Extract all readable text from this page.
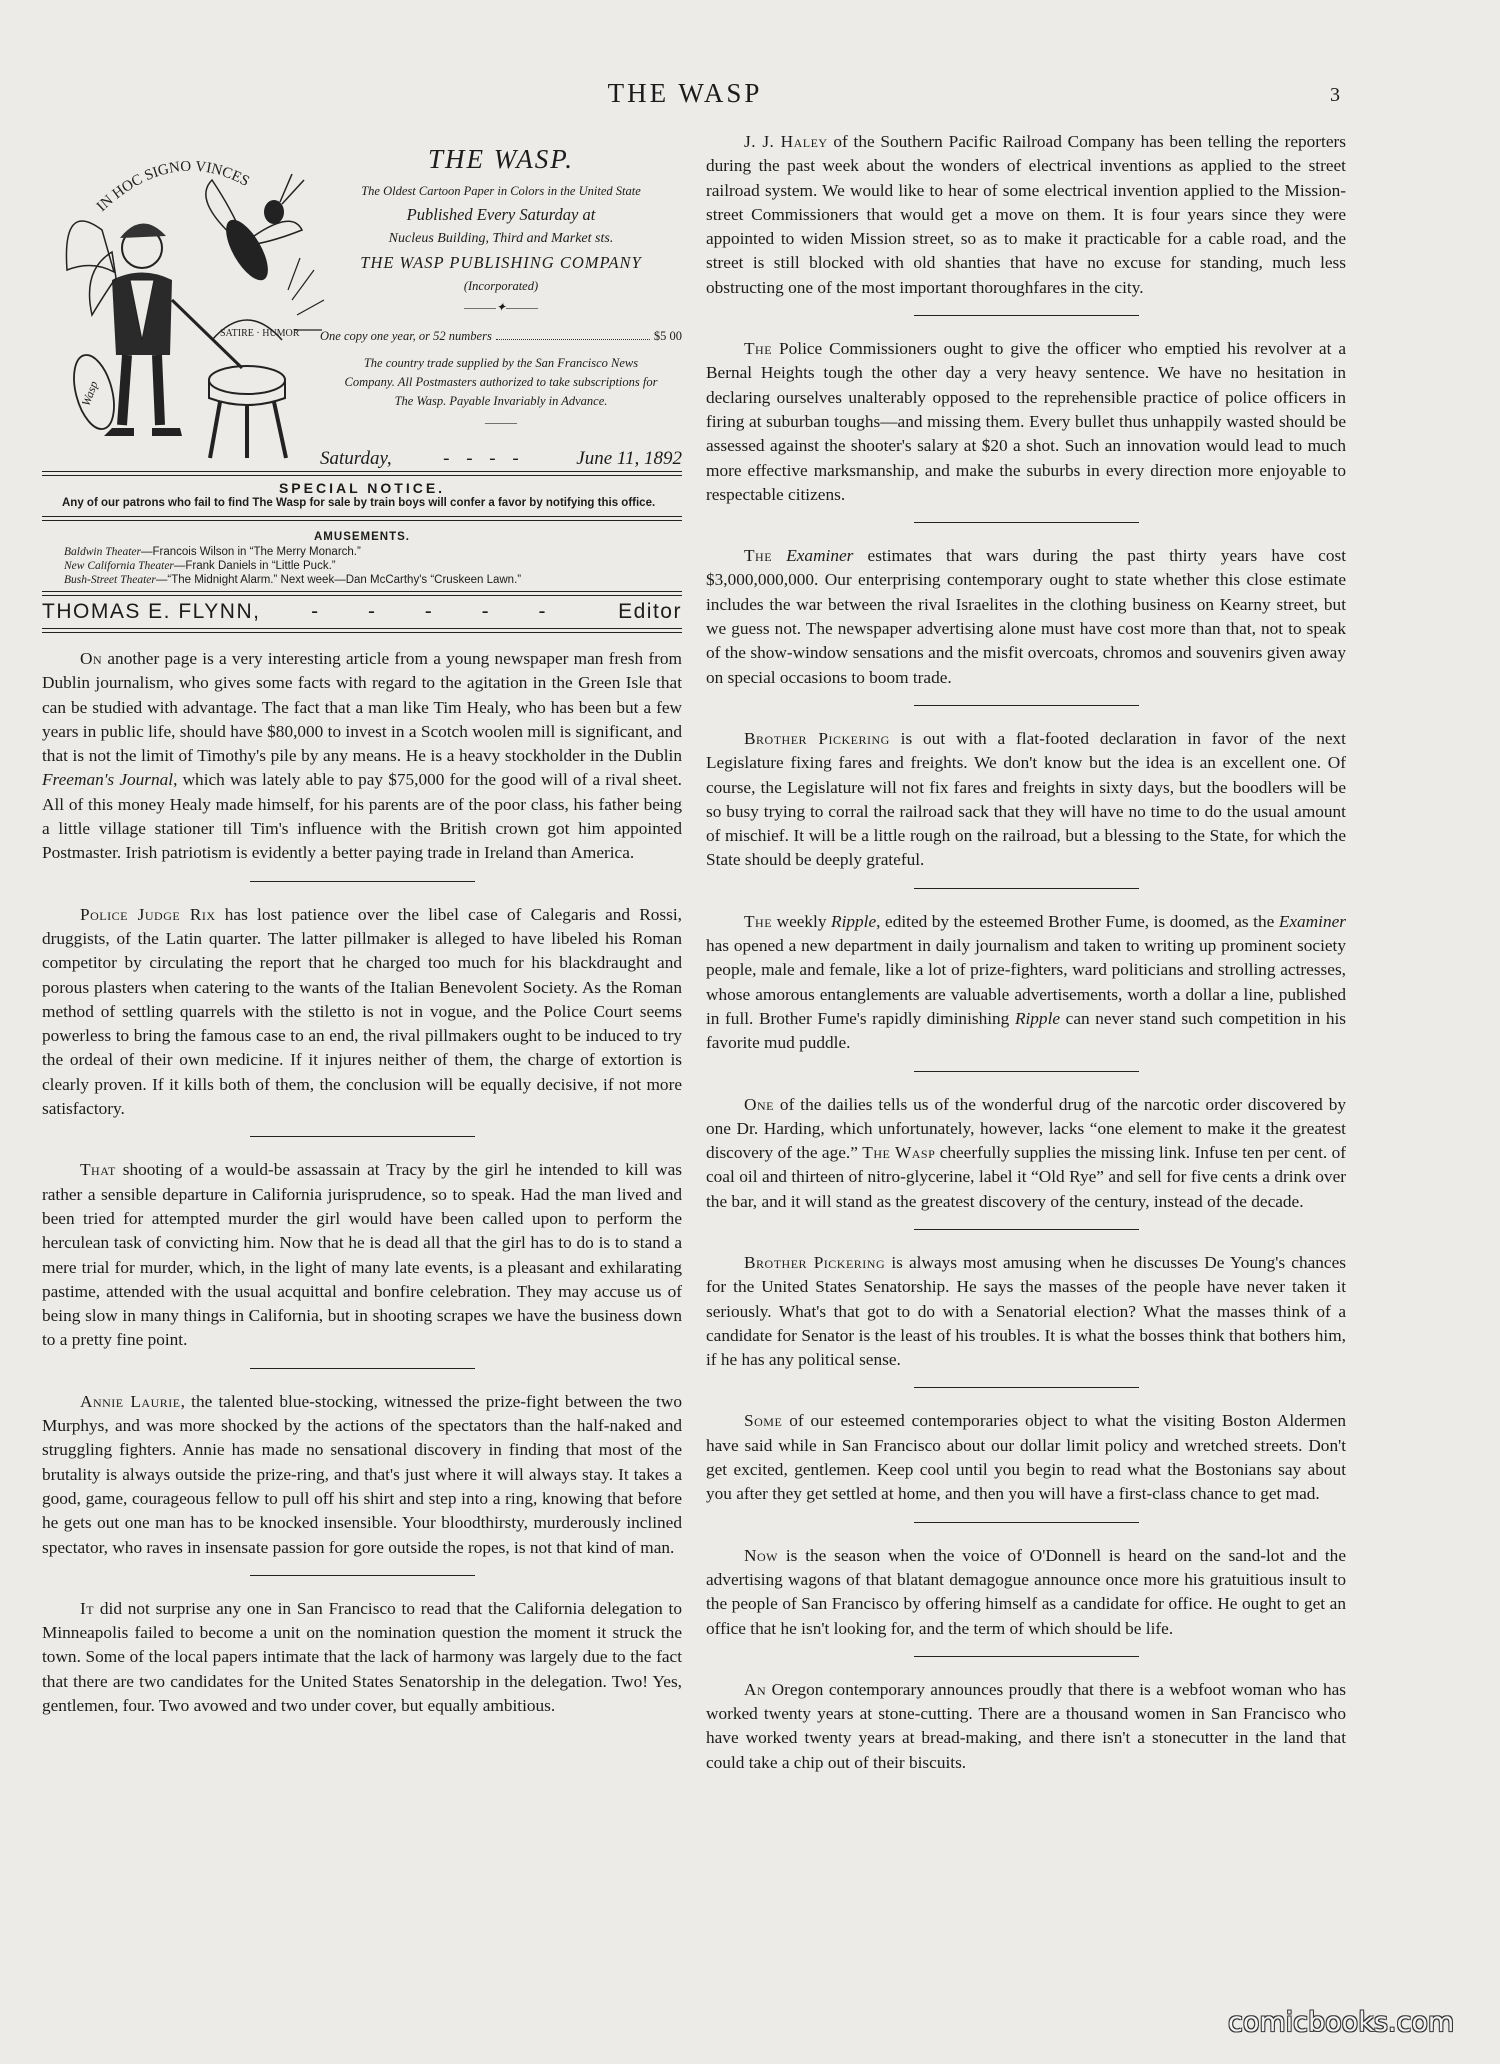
THE WASP	3
IN HOC SIGNO VINCES
Wasp
SATIRE · HUMOR

THE WASP.

The Oldest Cartoon Paper in Colors in the United State

Published Every Saturday at

Nucleus Building, Third and Market sts.

THE WASP PUBLISHING COMPANY

(Incorporated)

———✦———
One copy one year, or 52 numbers	$5 00

The country trade supplied by the San Francisco News Company. All Postmasters authorized to take subscriptions for The Wasp. Payable Invariably in Advance.

———
Saturday,	- - - -	June 11, 1892

SPECIAL NOTICE.

Any of our patrons who fail to find The Wasp for sale by train boys will confer a favor by notifying this office.

AMUSEMENTS.

Baldwin Theater—Francois Wilson in “The Merry Monarch.”

New California Theater—Frank Daniels in “Little Puck.”

Bush-Street Theater—“The Midnight Alarm.” Next week—Dan McCarthy's “Cruskeen Lawn.”

THOMAS E. FLYNN, - - - - - Editor

On another page is a very interesting article from a young newspaper man fresh from Dublin journalism, who gives some facts with regard to the agitation in the Green Isle that can be studied with advantage. The fact that a man like Tim Healy, who has been but a few years in public life, should have $80,000 to invest in a Scotch woolen mill is significant, and that is not the limit of Timothy's pile by any means. He is a heavy stockholder in the Dublin Freeman's Journal, which was lately able to pay $75,000 for the good will of a rival sheet. All of this money Healy made himself, for his parents are of the poor class, his father being a little village stationer till Tim's influence with the British crown got him appointed Postmaster. Irish patriotism is evidently a better paying trade in Ireland than America.

Police Judge Rix has lost patience over the libel case of Calegaris and Rossi, druggists, of the Latin quarter. The latter pillmaker is alleged to have libeled his Roman competitor by circulating the report that he charged too much for his blackdraught and porous plasters when catering to the wants of the Italian Benevolent Society. As the Roman method of settling quarrels with the stiletto is not in vogue, and the Police Court seems powerless to bring the famous case to an end, the rival pillmakers ought to be induced to try the ordeal of their own medicine. If it injures neither of them, the charge of extortion is clearly proven. If it kills both of them, the conclusion will be equally decisive, if not more satisfactory.

That shooting of a would-be assassain at Tracy by the girl he intended to kill was rather a sensible departure in California jurisprudence, so to speak. Had the man lived and been tried for attempted murder the girl would have been called upon to perform the herculean task of convicting him. Now that he is dead all that the girl has to do is to stand a mere trial for murder, which, in the light of many late events, is a pleasant and exhilarating pastime, attended with the usual acquittal and bonfire celebration. They may accuse us of being slow in many things in California, but in shooting scrapes we have the business down to a pretty fine point.

Annie Laurie, the talented blue-stocking, witnessed the prize-fight between the two Murphys, and was more shocked by the actions of the spectators than the half-naked and struggling fighters. Annie has made no sensational discovery in finding that most of the brutality is always outside the prize-ring, and that's just where it will always stay. It takes a good, game, courageous fellow to pull off his shirt and step into a ring, knowing that before he gets out one man has to be knocked insensible. Your bloodthirsty, murderously inclined spectator, who raves in insensate passion for gore outside the ropes, is not that kind of man.

It did not surprise any one in San Francisco to read that the California delegation to Minneapolis failed to become a unit on the nomination question the moment it struck the town. Some of the local papers intimate that the lack of harmony was largely due to the fact that there are two candidates for the United States Senatorship in the delegation. Two! Yes, gentlemen, four. Two avowed and two under cover, but equally ambitious.

J. J. Haley of the Southern Pacific Railroad Company has been telling the reporters during the past week about the wonders of electrical inventions as applied to the street railroad system. We would like to hear of some electrical invention applied to the Mission-street Commissioners that would get a move on them. It is four years since they were appointed to widen Mission street, so as to make it practicable for a cable road, and the street is still blocked with old shanties that have no excuse for standing, much less obstructing one of the most important thoroughfares in the city.

The Police Commissioners ought to give the officer who emptied his revolver at a Bernal Heights tough the other day a very heavy sentence. We have no hesitation in declaring ourselves unalterably opposed to the reprehensible practice of police officers in firing at suburban toughs—and missing them. Every bullet thus unhappily wasted should be assessed against the shooter's salary at $20 a shot. Such an innovation would lead to much more effective marksmanship, and make the suburbs in every direction more enjoyable to respectable citizens.

The Examiner estimates that wars during the past thirty years have cost $3,000,000,000. Our enterprising contemporary ought to state whether this close estimate includes the war between the rival Israelites in the clothing business on Kearny street, but we guess not. The newspaper advertising alone must have cost more than that, not to speak of the show-window sensations and the misfit overcoats, chromos and souvenirs given away on special occasions to boom trade.

Brother Pickering is out with a flat-footed declaration in favor of the next Legislature fixing fares and freights. We don't know but the idea is an excellent one. Of course, the Legislature will not fix fares and freights in sixty days, but the boodlers will be so busy trying to corral the railroad sack that they will have no time to do the usual amount of mischief. It will be a little rough on the railroad, but a blessing to the State, for which the State should be deeply grateful.

The weekly Ripple, edited by the esteemed Brother Fume, is doomed, as the Examiner has opened a new department in daily journalism and taken to writing up prominent society people, male and female, like a lot of prize-fighters, ward politicians and strolling actresses, whose amorous entanglements are valuable advertisements, worth a dollar a line, published in full. Brother Fume's rapidly diminishing Ripple can never stand such competition in his favorite mud puddle.

One of the dailies tells us of the wonderful drug of the narcotic order discovered by one Dr. Harding, which unfortunately, however, lacks “one element to make it the greatest discovery of the age.” The Wasp cheerfully supplies the missing link. Infuse ten per cent. of coal oil and thirteen of nitro-glycerine, label it “Old Rye” and sell for five cents a drink over the bar, and it will stand as the greatest discovery of the century, instead of the decade.

Brother Pickering is always most amusing when he discusses De Young's chances for the United States Senatorship. He says the masses of the people have never taken it seriously. What's that got to do with a Senatorial election? What the masses think of a candidate for Senator is the least of his troubles. It is what the bosses think that bothers him, if he has any political sense.

Some of our esteemed contemporaries object to what the visiting Boston Aldermen have said while in San Francisco about our dollar limit policy and wretched streets. Don't get excited, gentlemen. Keep cool until you begin to read what the Bostonians say about you after they get settled at home, and then you will have a first-class chance to get mad.

Now is the season when the voice of O'Donnell is heard on the sand-lot and the advertising wagons of that blatant demagogue announce once more his gratuitious insult to the people of San Francisco by offering himself as a candidate for office. He ought to get an office that he isn't looking for, and the term of which should be life.

An Oregon contemporary announces proudly that there is a webfoot woman who has worked twenty years at stone-cutting. There are a thousand women in San Francisco who have worked twenty years at bread-making, and there isn't a stonecutter in the land that could take a chip out of their biscuits.

comicbooks.com
